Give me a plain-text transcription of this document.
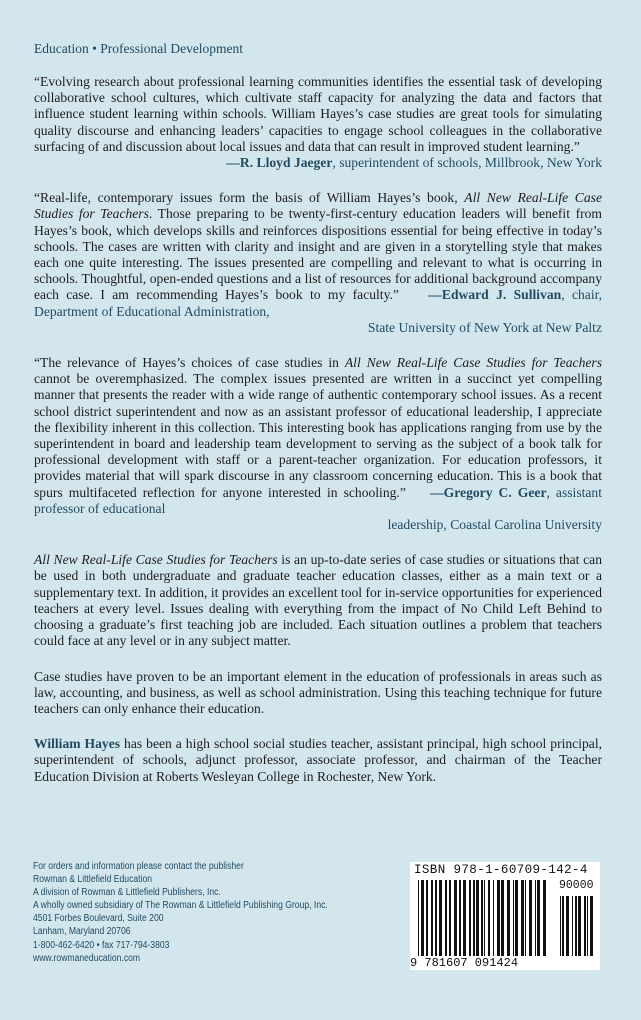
Education • Professional Development

“Evolving research about professional learning communities identifies the essential task of developing collaborative school cultures, which cultivate staff capacity for analyzing the data and factors that influence student learning within schools. William Hayes’s case studies are great tools for simulating quality discourse and enhancing leaders’ capacities to engage school colleagues in the collaborative surfacing of and discussion about local issues and data that can result in improved student learning.”

—R. Lloyd Jaeger, superintendent of schools, Millbrook, New York

“Real-life, contemporary issues form the basis of William Hayes’s book, All New Real-Life Case Studies for Teachers. Those preparing to be twenty-first-century education leaders will benefit from Hayes’s book, which develops skills and reinforces dispositions essential for being effective in today’s schools. The cases are written with clarity and insight and are given in a storytelling style that makes each one quite interesting. The issues presented are compelling and relevant to what is occurring in schools. Thoughtful, open-ended questions and a list of resources for additional background accompany each case. I am recommending Hayes’s book to my faculty.” —Edward J. Sullivan, chair, Department of Educational Administration,

State University of New York at New Paltz

“The relevance of Hayes’s choices of case studies in All New Real-Life Case Studies for Teachers cannot be overemphasized. The complex issues presented are written in a succinct yet compelling manner that presents the reader with a wide range of authentic contemporary school issues. As a recent school district superintendent and now as an assistant professor of educational leadership, I appreciate the flexibility inherent in this collection. This interesting book has applications ranging from use by the superintendent in board and leadership team development to serving as the subject of a book talk for professional development with staff or a parent-teacher organization. For education professors, it provides material that will spark discourse in any classroom concerning education. This is a book that spurs multifaceted reflection for anyone interested in schooling.” —Gregory C. Geer, assistant professor of educational

leadership, Coastal Carolina University

All New Real-Life Case Studies for Teachers is an up-to-date series of case studies or situations that can be used in both undergraduate and graduate teacher education classes, either as a main text or a supplementary text. In addition, it provides an excellent tool for in-service opportunities for experienced teachers at every level. Issues dealing with everything from the impact of No Child Left Behind to choosing a graduate’s first teaching job are included. Each situation outlines a problem that teachers could face at any level or in any subject matter.

Case studies have proven to be an important element in the education of professionals in areas such as law, accounting, and business, as well as school administration. Using this teaching technique for future teachers can only enhance their education.

William Hayes has been a high school social studies teacher, assistant principal, high school principal, superintendent of schools, adjunct professor, associate professor, and chairman of the Teacher Education Division at Roberts Wesleyan College in Rochester, New York.

For orders and information please contact the publisher
Rowman & Littlefield Education
A division of Rowman & Littlefield Publishers, Inc.
A wholly owned subsidiary of The Rowman & Littlefield Publishing Group, Inc.
4501 Forbes Boulevard, Suite 200
Lanham, Maryland 20706
1-800-462-6420 • fax 717-794-3803
www.rowmaneducation.com
ISBN 978-1-60709-142-4
90000
9 781607 091424
